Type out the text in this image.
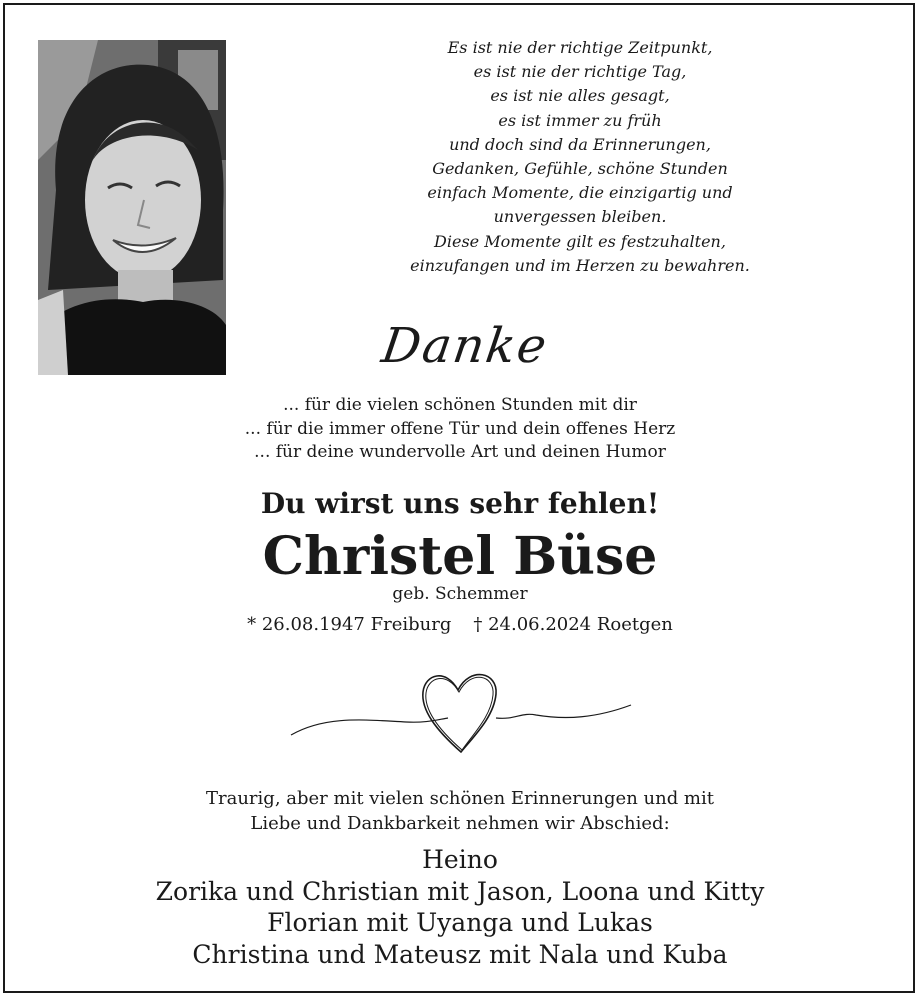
Es ist nie der richtige Zeitpunkt,
es ist nie der richtige Tag,
es ist nie alles gesagt,
es ist immer zu früh
und doch sind da Erinnerungen,
Gedanken, Gefühle, schöne Stunden
einfach Momente, die einzigartig und
unvergessen bleiben.
Diese Momente gilt es festzuhalten,
einzufangen und im Herzen zu bewahren.
Danke
... für die vielen schönen Stunden mit dir
... für die immer offene Tür und dein offenes Herz
... für deine wundervolle Art und deinen Humor
Du wirst uns sehr fehlen!
Christel Büse
geb. Schemmer
* 26.08.1947 Freiburg † 24.06.2024 Roetgen
Traurig, aber mit vielen schönen Erinnerungen und mit
Liebe und Dankbarkeit nehmen wir Abschied:
Heino
Zorika und Christian mit Jason, Loona und Kitty
Florian mit Uyanga und Lukas
Christina und Mateusz mit Nala und Kuba
